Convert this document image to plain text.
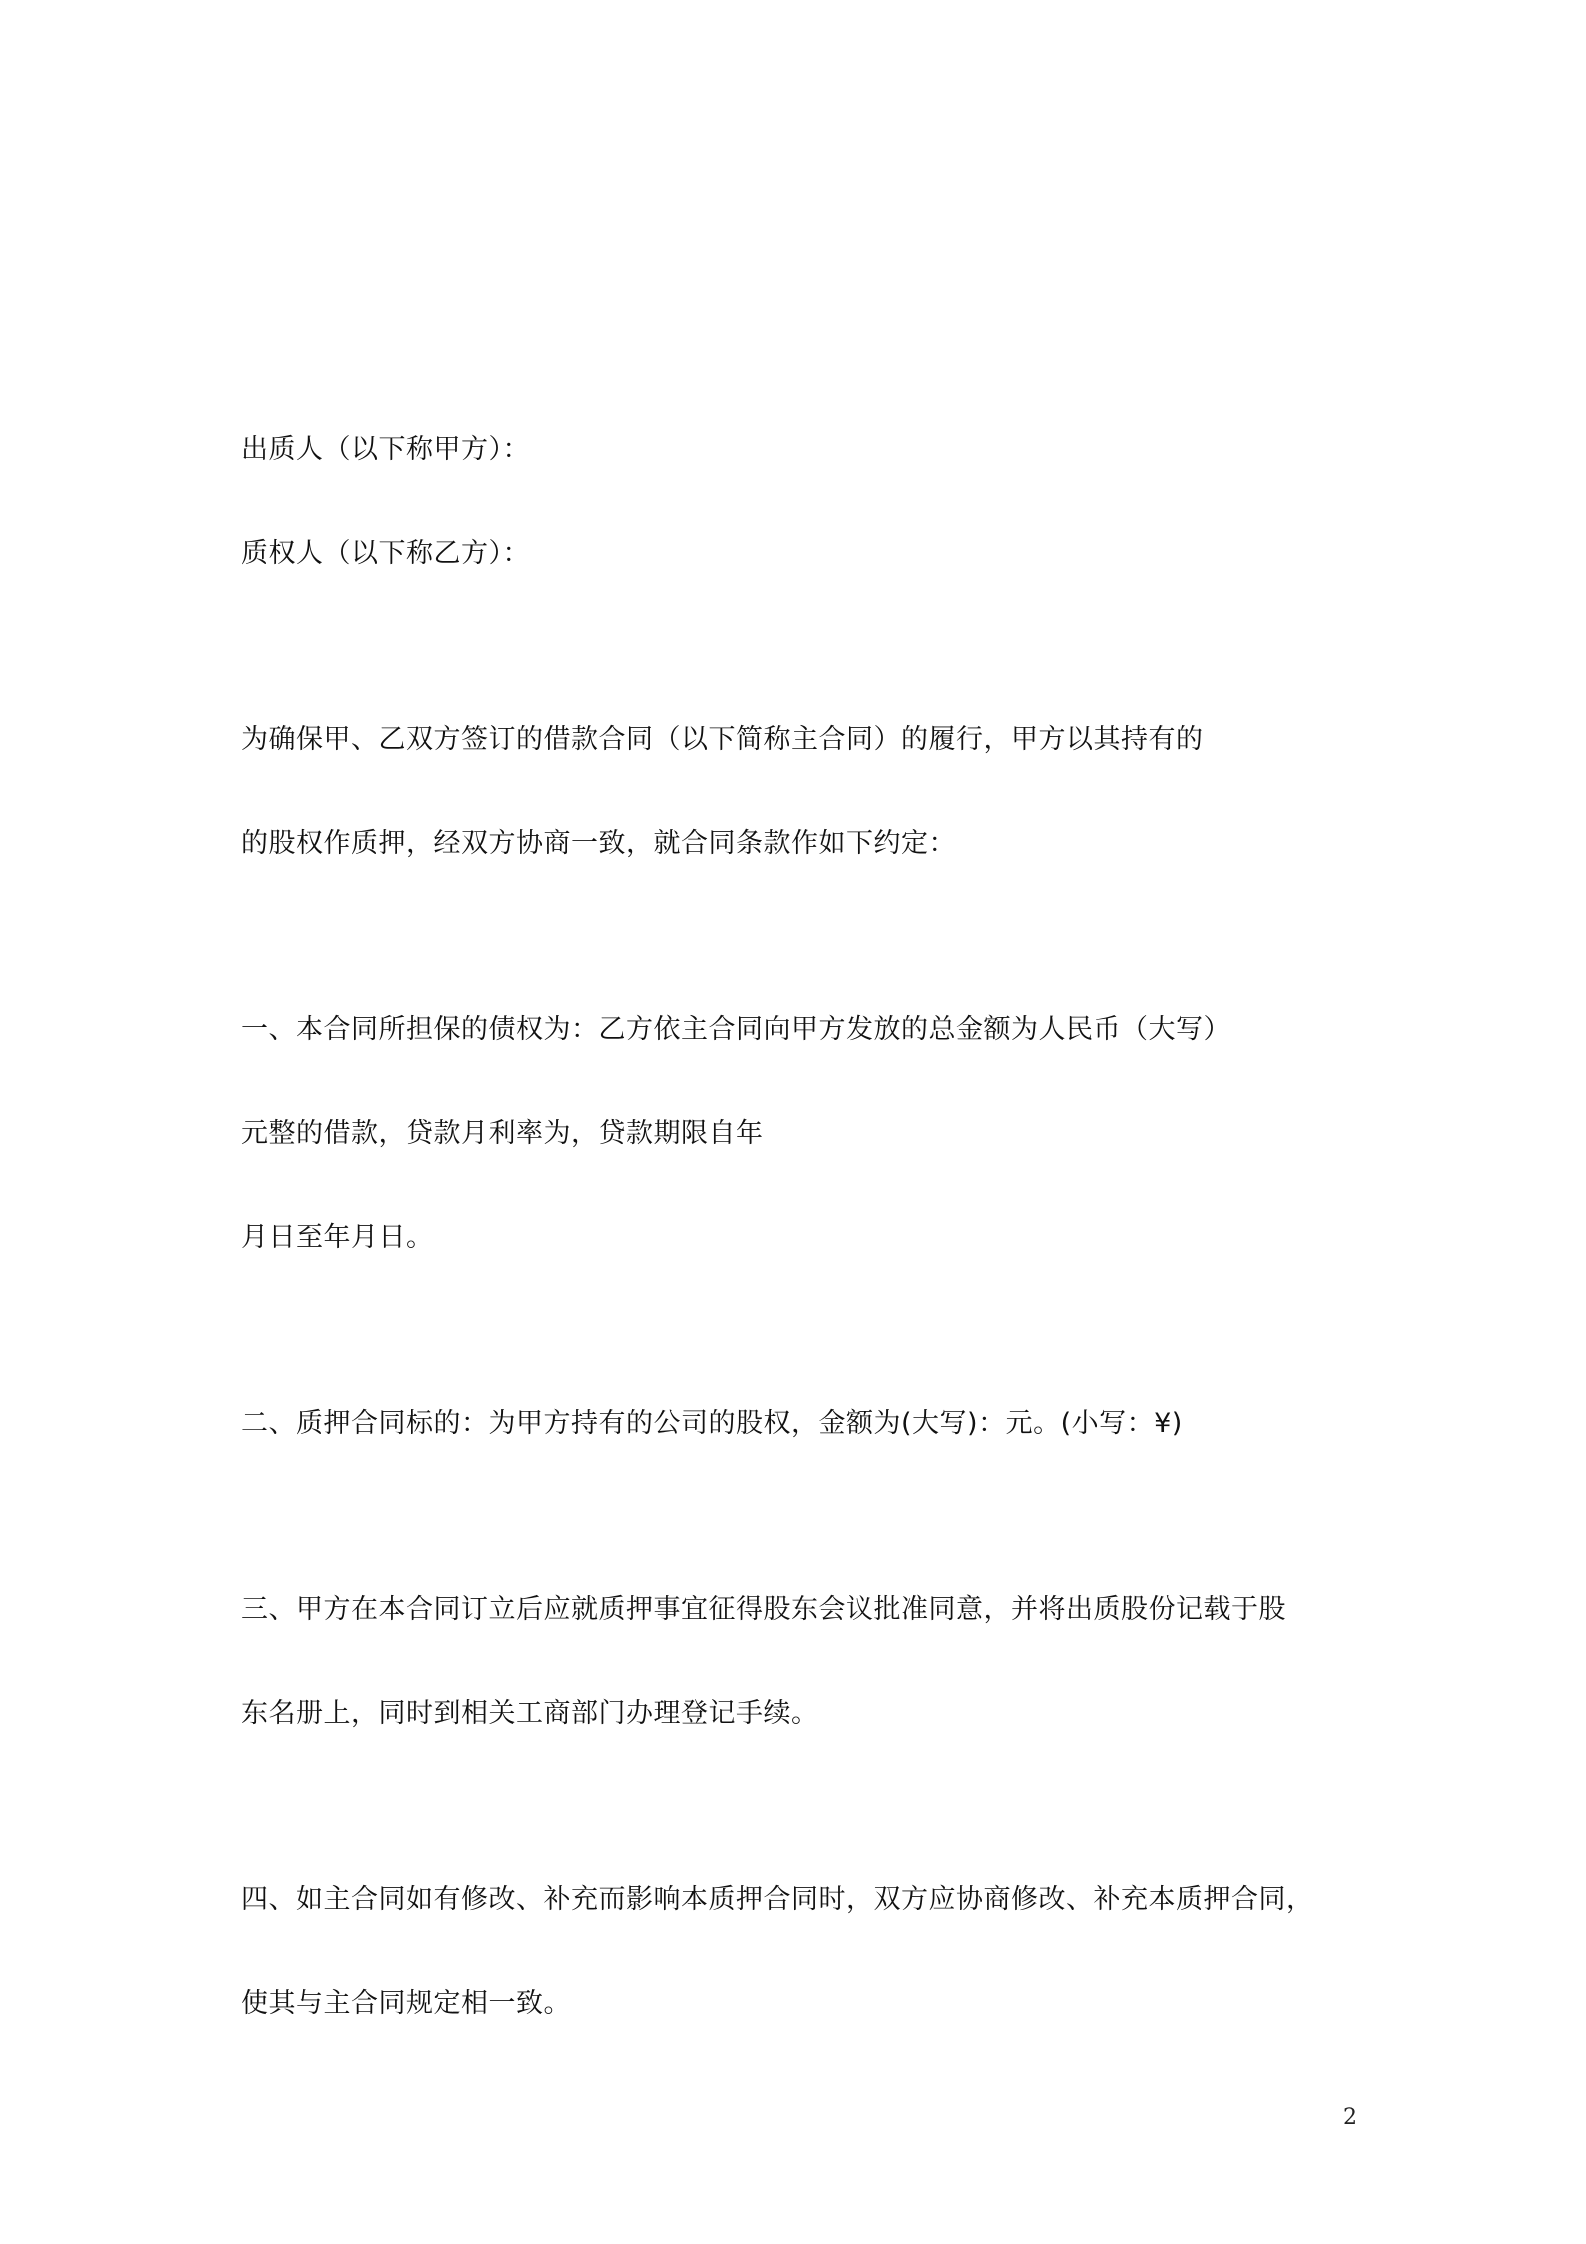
出质人（以下称甲方）：
质权人（以下称乙方）：
为确保甲、乙双方签订的借款合同（以下简称主合同）的履行，甲方以其持有的
的股权作质押，经双方协商一致，就合同条款作如下约定：
一、本合同所担保的债权为：乙方依主合同向甲方发放的总金额为人民币（大写）
元整的借款，贷款月利率为，贷款期限自年
月日至年月日。
二、质押合同标的：为甲方持有的公司的股权，金额为(大写)：元。(小写：¥)
三、甲方在本合同订立后应就质押事宜征得股东会议批准同意，并将出质股份记载于股
东名册上，同时到相关工商部门办理登记手续。
四、如主合同如有修改、补充而影响本质押合同时，双方应协商修改、补充本质押合同，
使其与主合同规定相一致。
2
